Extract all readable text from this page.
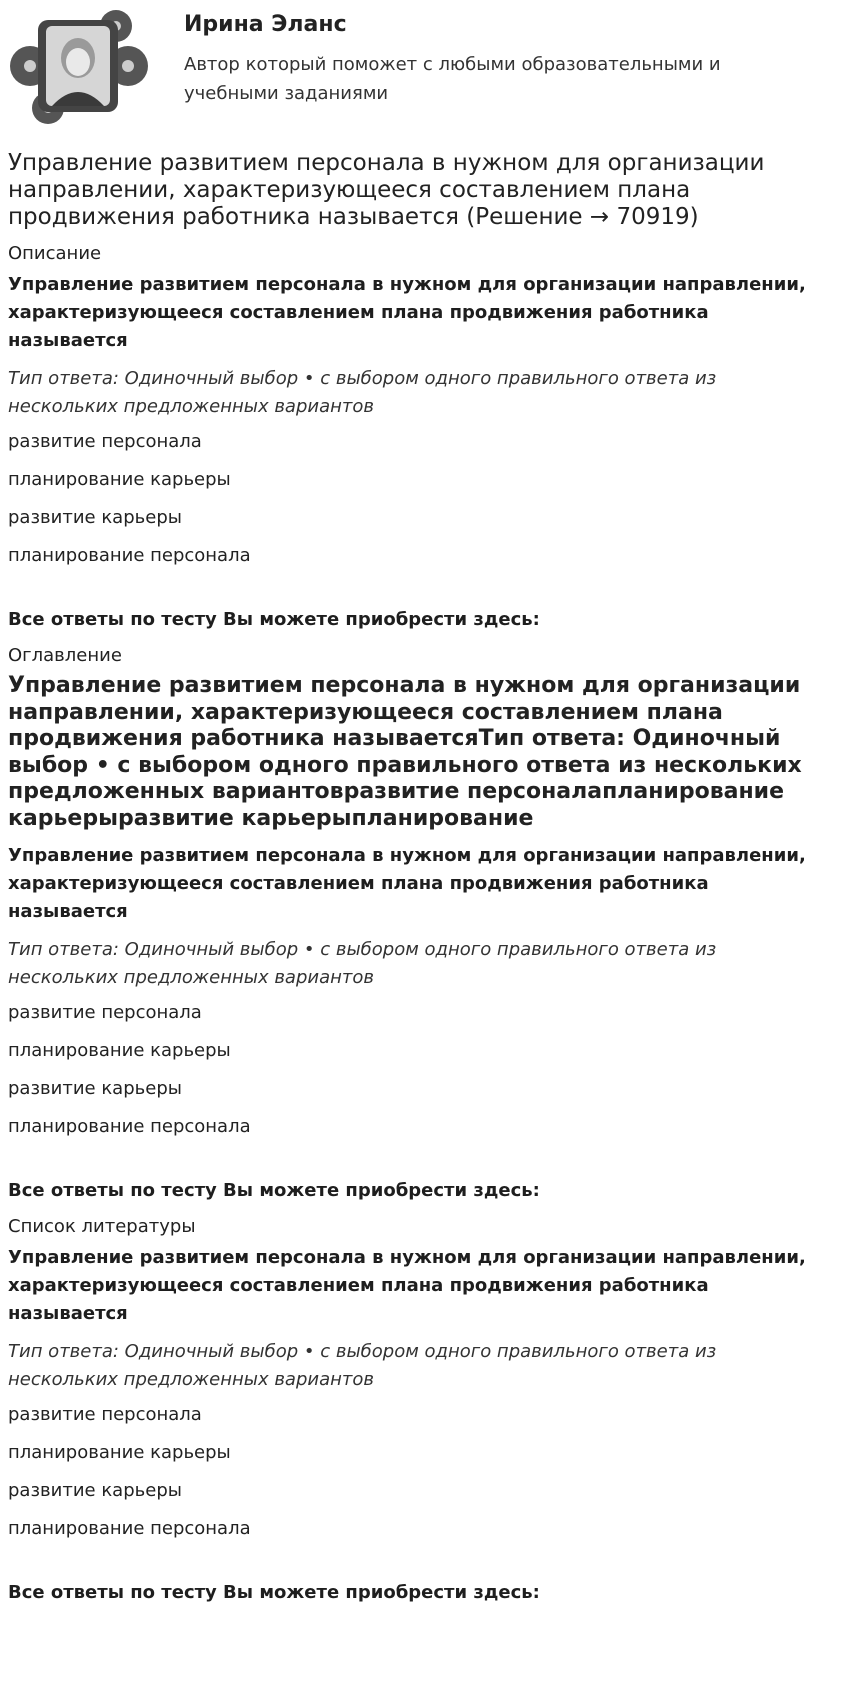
Ирина Эланс
Автор который поможет с любыми образовательными и учебными заданиями
Управление развитием персонала в нужном для организации направлении, характеризующееся составлением плана продвижения работника называется (Решение → 70919)
Описание
Управление развитием персонала в нужном для организации направлении, характеризующееся составлением плана продвижения работника называется
Тип ответа: Одиночный выбор • с выбором одного правильного ответа из нескольких предложенных вариантов
развитие персонала
планирование карьеры
развитие карьеры
планирование персонала
Все ответы по тесту Вы можете приобрести здесь:
Оглавление
Управление развитием персонала в нужном для организации направлении, характеризующееся составлением плана продвижения работника называетсяТип ответа: Одиночный выбор • с выбором одного правильного ответа из нескольких предложенных вариантовразвитие персоналапланирование карьерыразвитие карьерыпланирование
Управление развитием персонала в нужном для организации направлении, характеризующееся составлением плана продвижения работника называется
Тип ответа: Одиночный выбор • с выбором одного правильного ответа из нескольких предложенных вариантов
развитие персонала
планирование карьеры
развитие карьеры
планирование персонала
Все ответы по тесту Вы можете приобрести здесь:
Список литературы
Управление развитием персонала в нужном для организации направлении, характеризующееся составлением плана продвижения работника называется
Тип ответа: Одиночный выбор • с выбором одного правильного ответа из нескольких предложенных вариантов
развитие персонала
планирование карьеры
развитие карьеры
планирование персонала
Все ответы по тесту Вы можете приобрести здесь:
